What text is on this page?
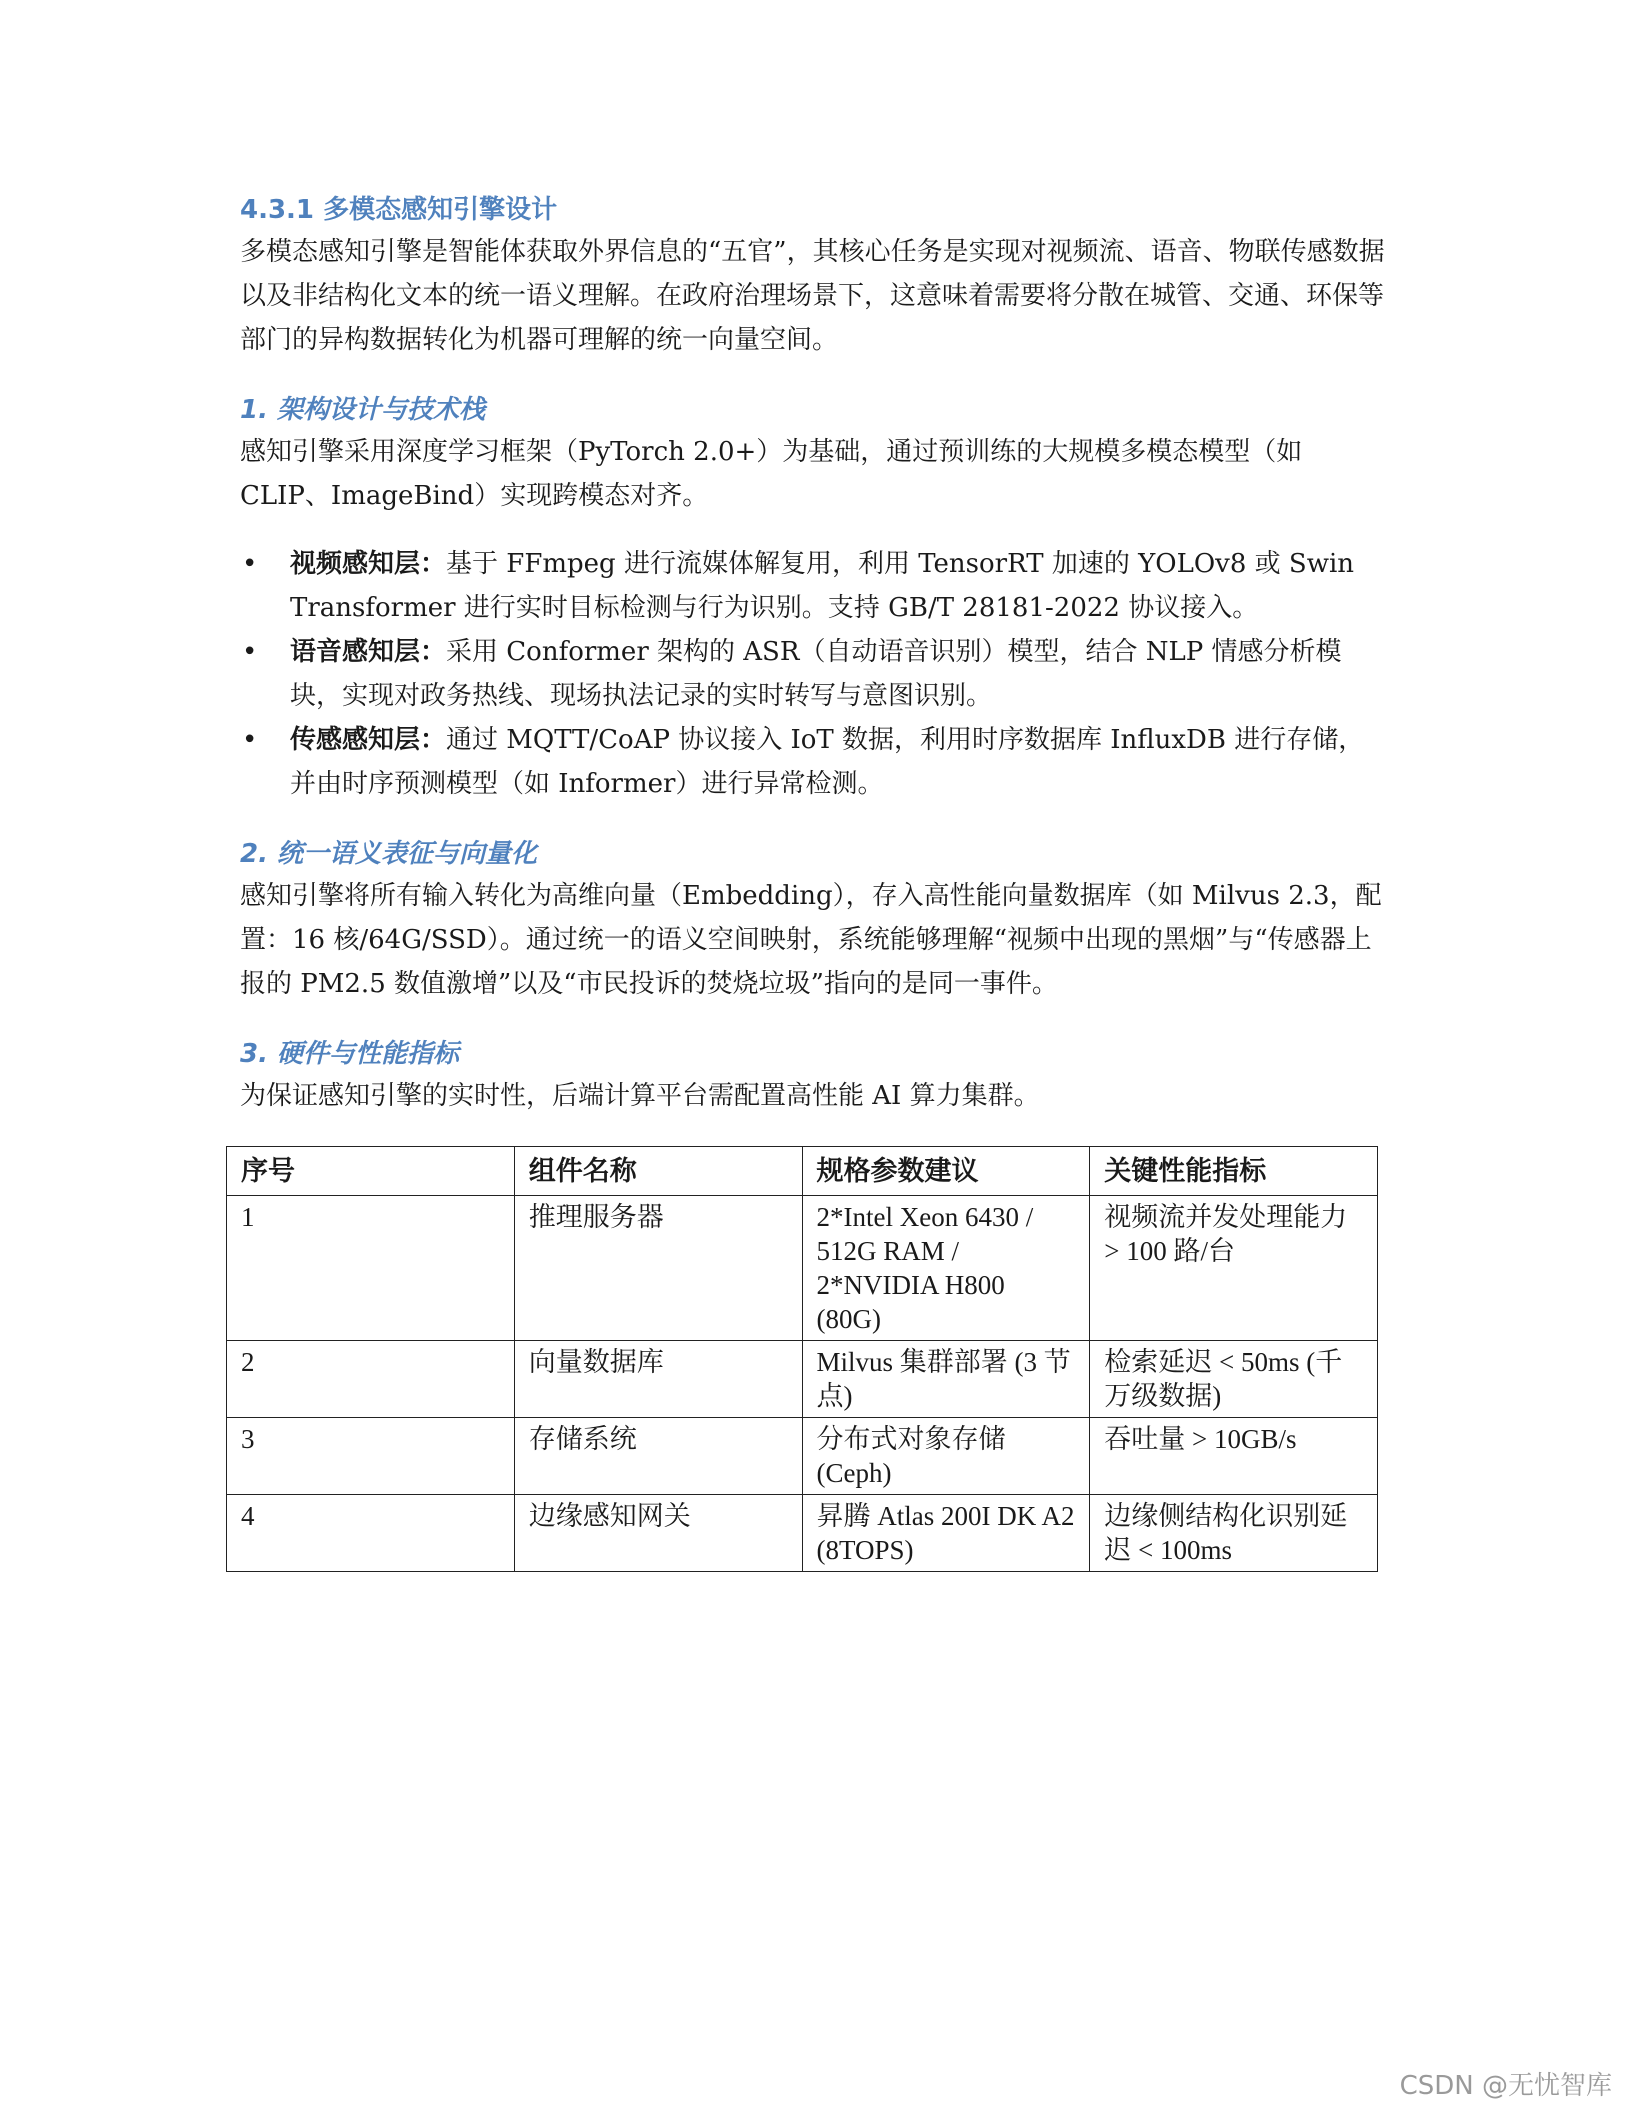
4.3.1 多模态感知引擎设计

多模态感知引擎是智能体获取外界信息的“五官”，其核心任务是实现对视频流、语音、物联传感数据以及非结构化文本的统一语义理解。在政府治理场景下，这意味着需要将分散在城管、交通、环保等部门的异构数据转化为机器可理解的统一向量空间。

1. 架构设计与技术栈

感知引擎采用深度学习框架（PyTorch 2.0+）为基础，通过预训练的大规模多模态模型（如 CLIP、ImageBind）实现跨模态对齐。

• 视频感知层：基于 FFmpeg 进行流媒体解复用，利用 TensorRT 加速的 YOLOv8 或 Swin Transformer 进行实时目标检测与行为识别。支持 GB/T 28181-2022 协议接入。
• 语音感知层：采用 Conformer 架构的 ASR（自动语音识别）模型，结合 NLP 情感分析模块，实现对政务热线、现场执法记录的实时转写与意图识别。
• 传感感知层：通过 MQTT/CoAP 协议接入 IoT 数据，利用时序数据库 InfluxDB 进行存储，并由时序预测模型（如 Informer）进行异常检测。
2. 统一语义表征与向量化

感知引擎将所有输入转化为高维向量（Embedding），存入高性能向量数据库（如 Milvus 2.3，配置：16 核/64G/SSD）。通过统一的语义空间映射，系统能够理解“视频中出现的黑烟”与“传感器上报的 PM2.5 数值激增”以及“市民投诉的焚烧垃圾”指向的是同一事件。

3. 硬件与性能指标

为保证感知引擎的实时性，后端计算平台需配置高性能 AI 算力集群。

序号	组件名称	规格参数建议	关键性能指标
1	推理服务器	2*Intel Xeon 6430 / 512G RAM / 2*NVIDIA H800 (80G)	视频流并发处理能力 > 100 路/台
2	向量数据库	Milvus 集群部署 (3 节点)	检索延迟 < 50ms (千万级数据)
3	存储系统	分布式对象存储 (Ceph)	吞吐量 > 10GB/s
4	边缘感知网关	昇腾 Atlas 200I DK A2 (8TOPS)	边缘侧结构化识别延迟 < 100ms
CSDN @无忧智库
